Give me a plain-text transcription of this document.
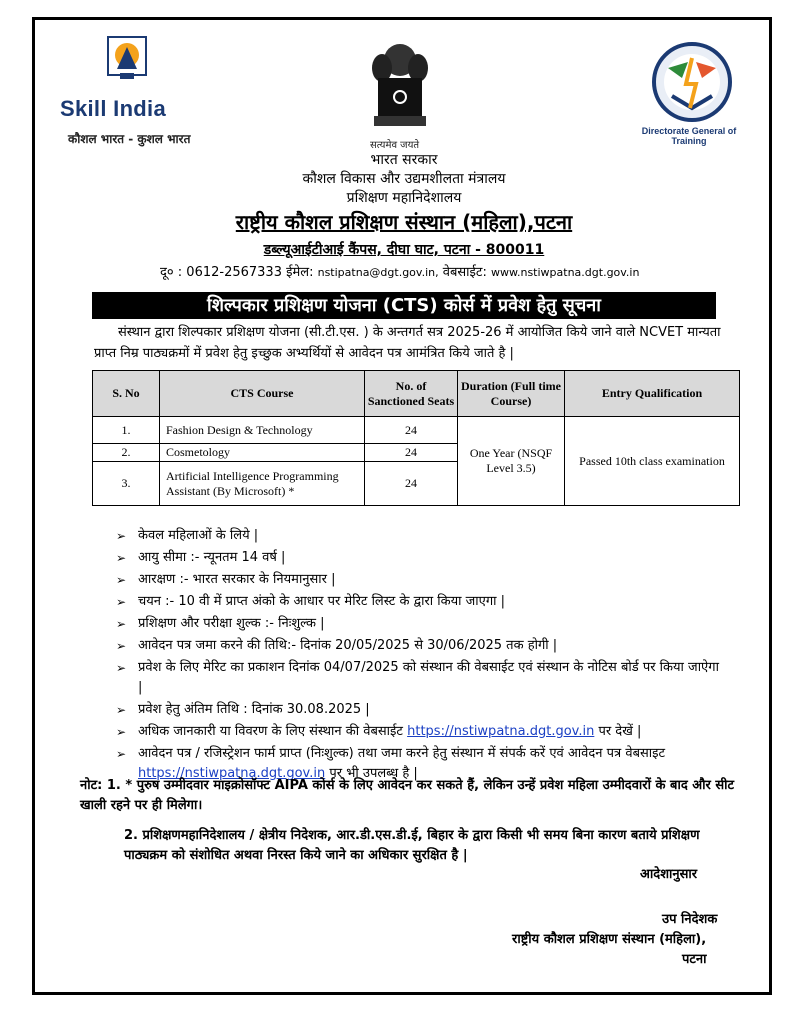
Skill India
कौशल भारत - कुशल भारत	सत्यमेव जयते
Directorate General of Training
भारत सरकार
कौशल विकास और उद्यमशीलता मंत्रालय
प्रशिक्षण महानिदेशालय
राष्ट्रीय कौशल प्रशिक्षण संस्थान (महिला),पटना
डब्ल्यूआईटीआई कैंपस, दीघा घाट, पटना - 800011
दू० : 0612-2567333 ईमेल: nstipatna@dgt.gov.in, वेबसाईट: www.nstiwpatna.dgt.gov.in
शिल्पकार प्रशिक्षण योजना (CTS) कोर्स में प्रवेश हेतु सूचना
संस्थान द्वारा शिल्पकार प्रशिक्षण योजना (सी.टी.एस. ) के अन्तगर्त सत्र 2025-26 में आयोजित किये जाने वाले NCVET मान्यता प्राप्त निम्र पाठ्यक्रमों में प्रवेश हेतु इच्छुक अभ्यर्थियों से आवेदन पत्र आमंत्रित किये जाते है |
S. No	CTS Course	No. of Sanctioned Seats	Duration (Full time Course)	Entry Qualification
1.	Fashion Design & Technology	24	One Year (NSQF Level 3.5)	Passed 10th class examination
2.	Cosmetology	24		
3.	Artificial Intelligence Programming Assistant (By Microsoft) *	24		
➢ केवल महिलाओं के लिये |
➢ आयु सीमा :- न्यूनतम 14 वर्ष |
➢ आरक्षण :- भारत सरकार के नियमानुसार |
➢ चयन :- 10 वी में प्राप्त अंको के आधार पर मेरिट लिस्ट के द्वारा किया जाएगा |
➢ प्रशिक्षण और परीक्षा शुल्क :- निःशुल्क |
➢ आवेदन पत्र जमा करने की तिथि:- दिनांक 20/05/2025 से 30/06/2025 तक होगी |
➢ प्रवेश के लिए मेरिट का प्रकाशन दिनांक 04/07/2025 को संस्थान की वेबसाईट एवं संस्थान के नोटिस बोर्ड पर किया जाऐगा |
➢ प्रवेश हेतु अंतिम तिथि : दिनांक 30.08.2025 |
➢ अधिक जानकारी या विवरण के लिए संस्थान की वेबसाईट https://nstiwpatna.dgt.gov.in पर देखें |
➢ आवेदन पत्र / रजिस्ट्रेशन फार्म प्राप्त (निःशुल्क) तथा जमा करने हेतु संस्थान में संपर्क करें एवं आवेदन पत्र वेबसाइट https://nstiwpatna.dgt.gov.in पर भी उपलब्ध है |
नोट: 1. * पुरुष उम्मीदवार माइक्रोसॉफ्ट AIPA कोर्स के लिए आवेदन कर सकते हैं, लेकिन उन्हें प्रवेश महिला उम्मीदवारों के बाद और सीट खाली रहने पर ही मिलेगा।
2. प्रशिक्षणमहानिदेशालय / क्षेत्रीय निदेशक, आर.डी.एस.डी.ई, बिहार के द्वारा किसी भी समय बिना कारण बताये प्रशिक्षण पाठ्यक्रम को संशोधित अथवा निरस्त किये जाने का अधिकार सुरक्षित है |
आदेशानुसार
उप निदेशक
राष्ट्रीय कौशल प्रशिक्षण संस्थान (महिला),
पटना
